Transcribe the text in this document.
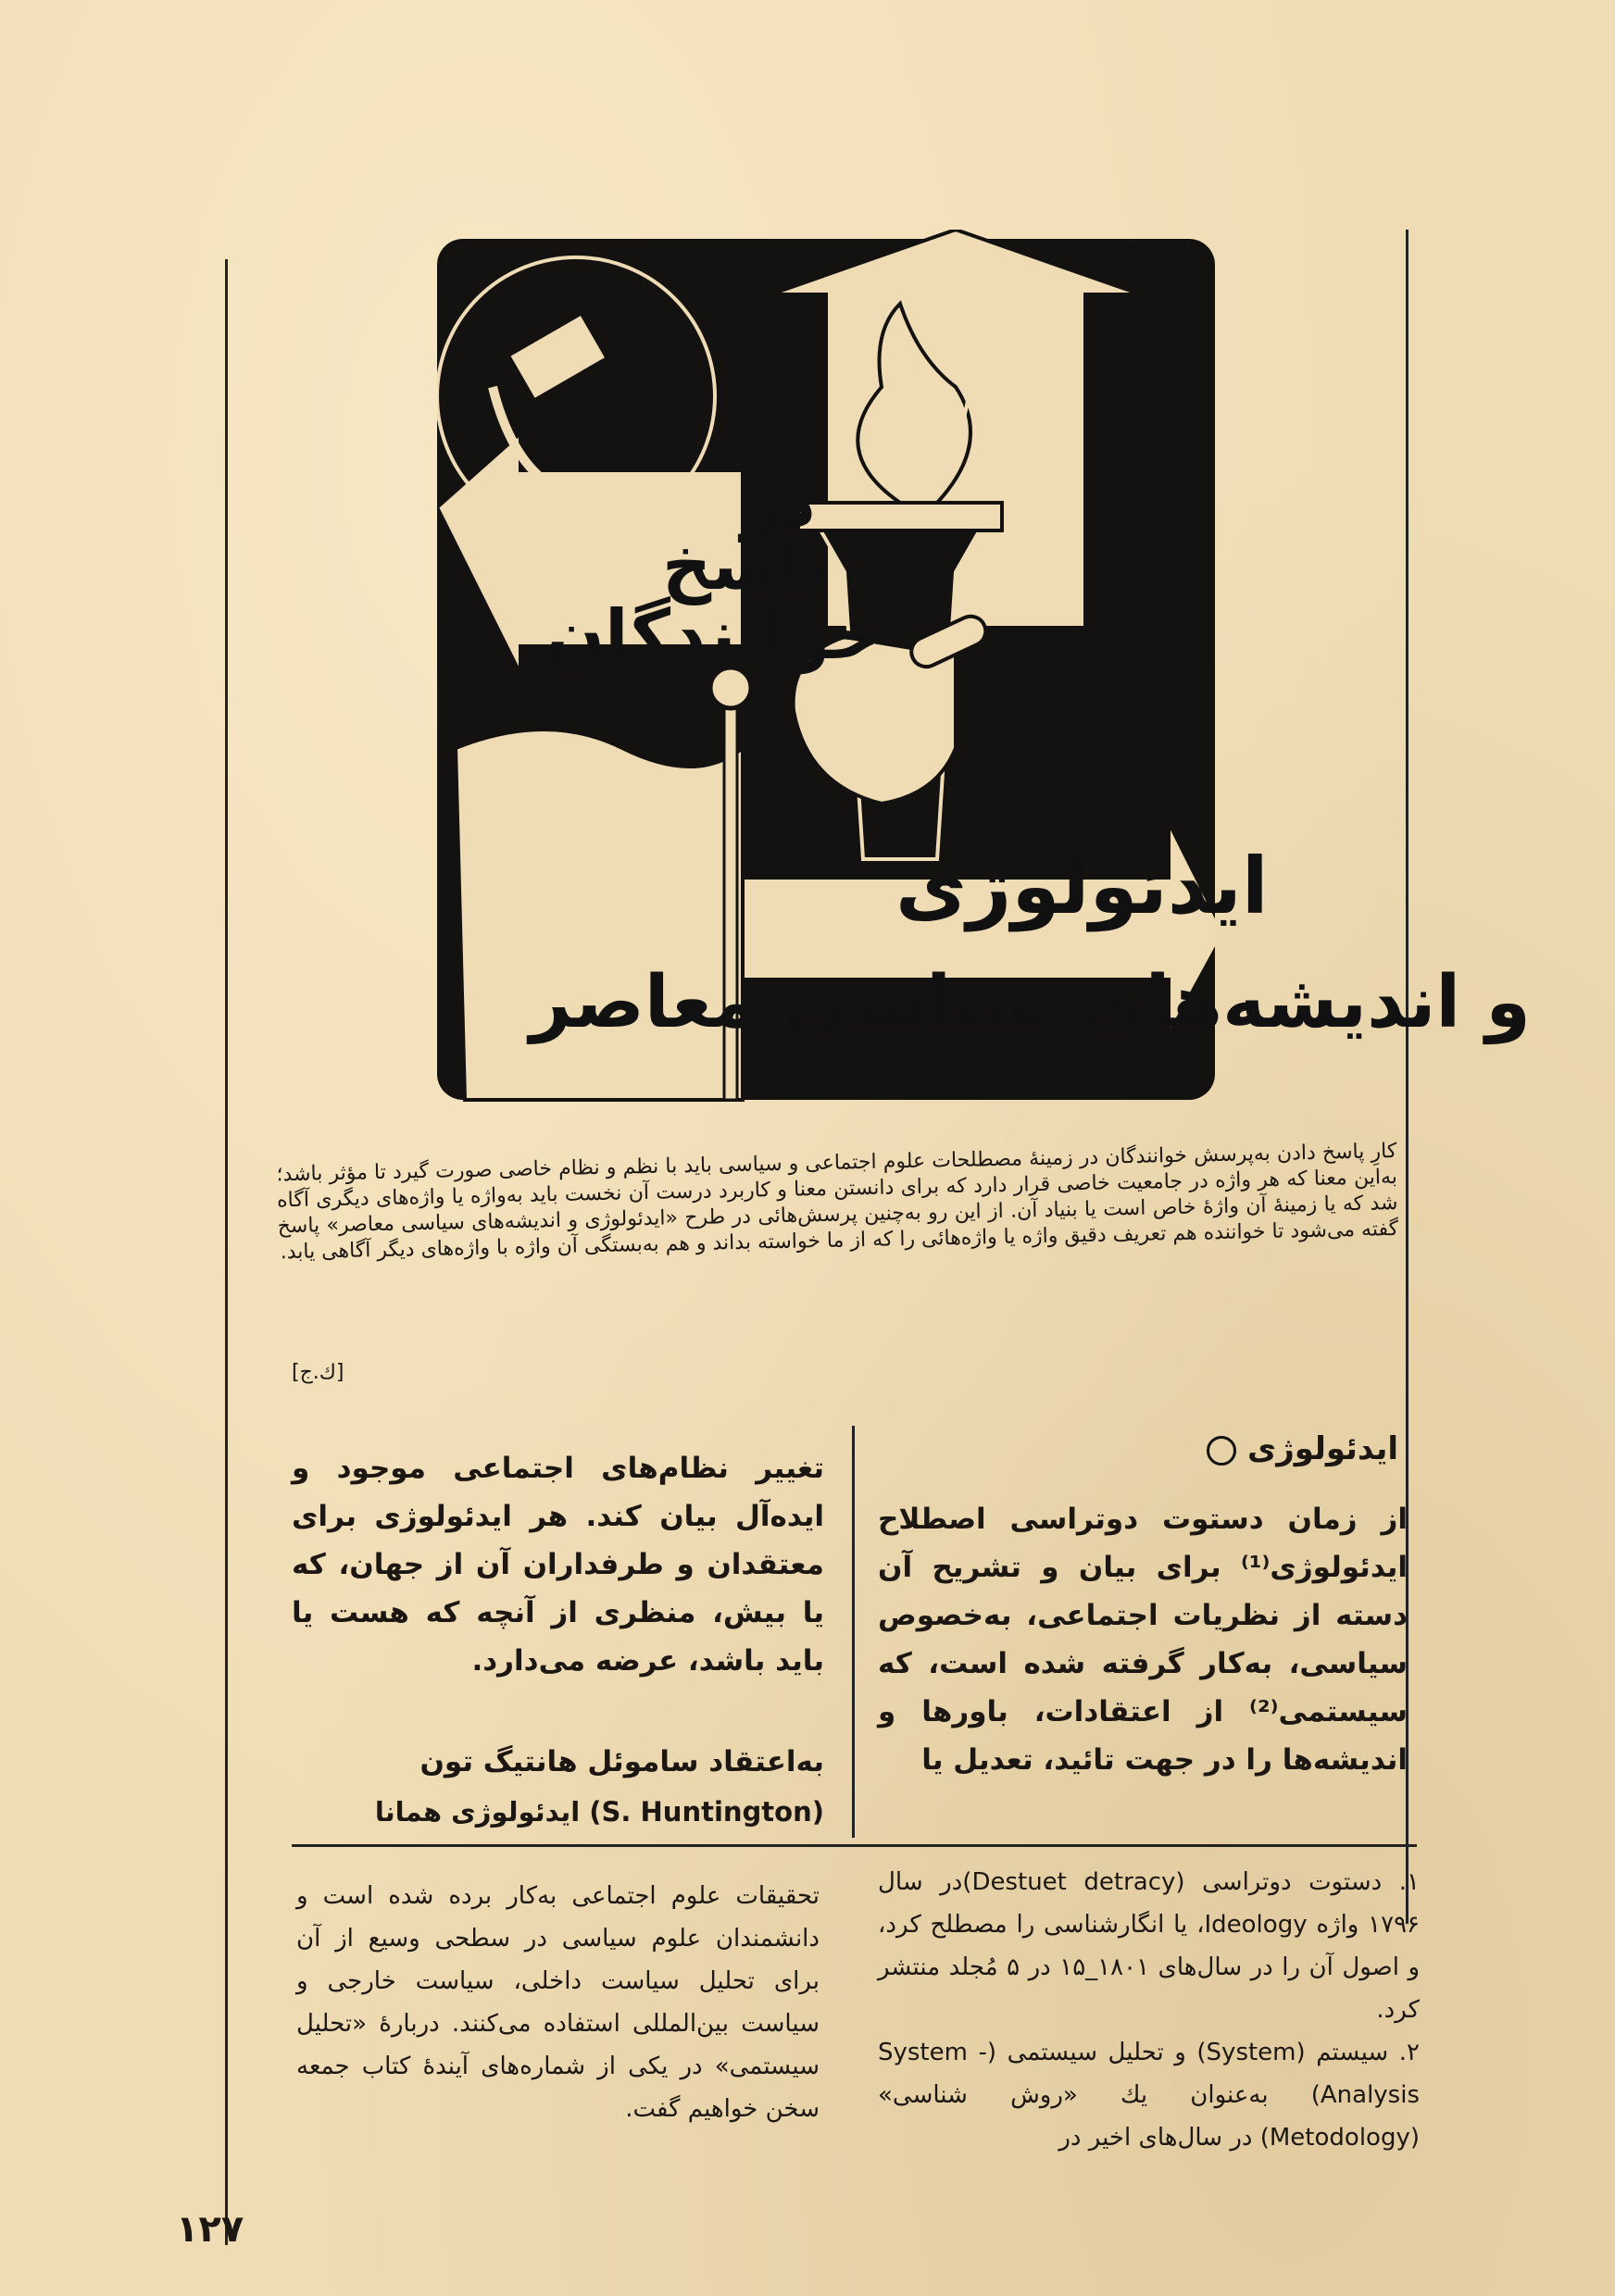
در
پاسخ
خوانندگان
ایدئولوژی
و اندیشه‌های سیاسی معاصر
کارِ پاسخ دادن به‌پرسش خوانندگان در زمینهٔ مصطلحات علوم اجتماعی و سیاسی باید با نظم و نظام خاصی صورت گیرد تا مؤثر باشد؛ به‌این معنا که هر واژه در جامعیت خاصی قرار دارد که برای دانستن معنا و کاربرد درست آن نخست باید به‌واژه یا واژه‌های دیگری آگاه شد که یا زمینهٔ آن واژهٔ خاص است یا بنیاد آن. از این رو به‌چنین پرسش‌هائی در طرح «ایدئولوژی و اندیشه‌های سیاسی معاصر» پاسخ گفته می‌شود تا خواننده هم تعریف دقیق واژه یا واژه‌هائی را که از ما خواسته بداند و هم به‌بستگی آن واژه با واژه‌های دیگر آگاهی یابد.
[ك.ج]
ایدئولوژی
از زمان دستوت دوتراسی اصطلاح ایدئولوژی⁽¹⁾ برای بیان و تشریح آن دسته از نظریات اجتماعی، به‌خصوص سیاسی، به‌کار گرفته شده است، که سیستمی⁽²⁾ از اعتقادات، باورها و اندیشه‌ها را در جهت تائید، تعدیل یا
تغییر نظام‌های اجتماعی موجود و ایده‌آل بیان کند. هر ایدئولوژی برای معتقدان و طرفداران آن از جهان، که یا بیش، منظری از آنچه که هست یا باید باشد، عرضه می‌دارد.
به‌اعتقاد ساموئل هانتیگ تون
(S. Huntington) ایدئولوژی همانا
۱. دستوت دوتراسی (Destuet detracy)در سال ۱۷۹۶ واژه Ideology، یا انگارشناسی را مصطلح کرد، و اصول آن را در سال‌های ۱۸۰۱_۱۵ در ۵ مُجلد منتشر کرد.
۲. سیستم (System) و تحلیل سیستمی (System - Analysis) به‌عنوان یك «روش شناسی» (Metodology) در سال‌های اخیر در
تحقیقات علوم اجتماعی به‌کار برده شده است و دانشمندان علوم سیاسی در سطحی وسیع از آن برای تحلیل سیاست داخلی، سیاست خارجی و سیاست بین‌المللی استفاده می‌کنند. دربارهٔ «تحلیل سیستمی» در یکی از شماره‌های آیندهٔ کتاب جمعه سخن خواهیم گفت.
۱۲۷
